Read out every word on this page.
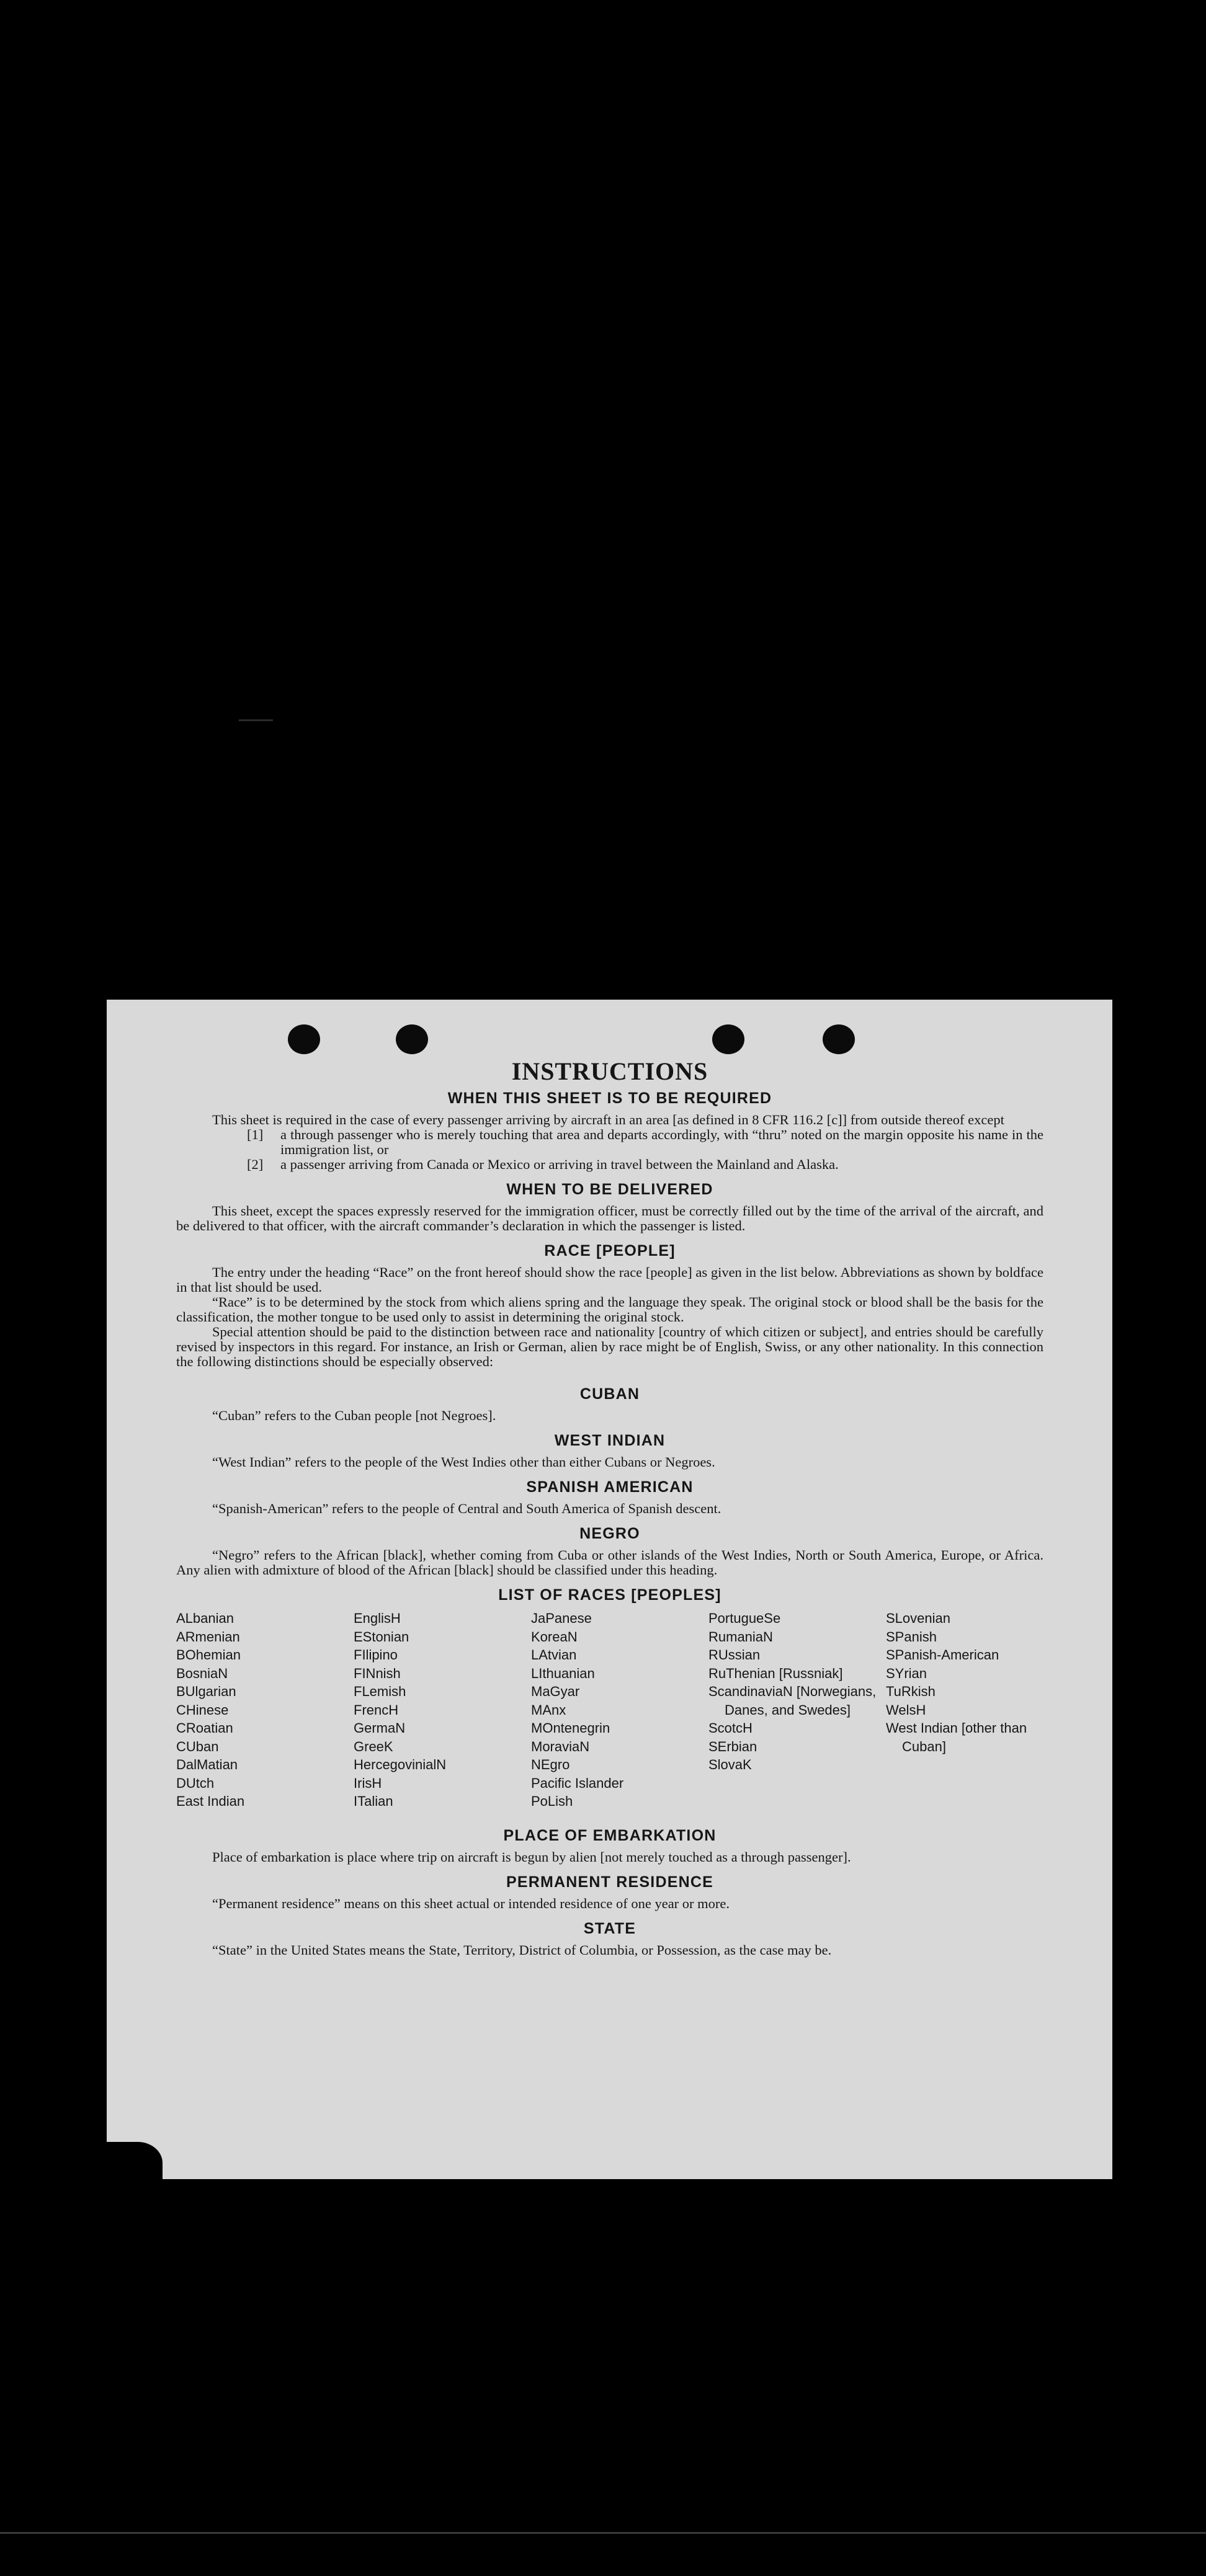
INSTRUCTIONS
WHEN THIS SHEET IS TO BE REQUIRED

This sheet is required in the case of every passenger arriving by aircraft in an area [as defined in 8 CFR 116.2 [c]] from outside thereof except

[1]	a through passenger who is merely touching that area and departs accordingly, with “thru” noted on the margin opposite his name in the immigration list, or
[2]	a passenger arriving from Canada or Mexico or arriving in travel between the Mainland and Alaska.
WHEN TO BE DELIVERED

This sheet, except the spaces expressly reserved for the immigration officer, must be correctly filled out by the time of the arrival of the aircraft, and be delivered to that officer, with the aircraft commander’s declaration in which the passenger is listed.

RACE [PEOPLE]

The entry under the heading “Race” on the front hereof should show the race [people] as given in the list below. Abbreviations as shown by boldface in that list should be used.

“Race” is to be determined by the stock from which aliens spring and the language they speak. The original stock or blood shall be the basis for the classification, the mother tongue to be used only to assist in determining the original stock.

Special attention should be paid to the distinction between race and nationality [country of which citizen or subject], and entries should be carefully revised by inspectors in this regard. For instance, an Irish or German, alien by race might be of English, Swiss, or any other nationality. In this connection the following distinctions should be especially observed:

CUBAN

“Cuban” refers to the Cuban people [not Negroes].

WEST INDIAN

“West Indian” refers to the people of the West Indies other than either Cubans or Negroes.

SPANISH AMERICAN

“Spanish-American” refers to the people of Central and South America of Spanish descent.

NEGRO

“Negro” refers to the African [black], whether coming from Cuba or other islands of the West Indies, North or South America, Europe, or Africa. Any alien with admixture of blood of the African [black] should be classified under this heading.

LIST OF RACES [PEOPLES]
ALbanian
ARmenian
BOhemian
BosniaN
BUlgarian
CHinese
CRoatian
CUban
DalMatian
DUtch
East Indian
EnglisH
EStonian
FIlipino
FINnish
FLemish
FrencH
GermaN
GreeK
HercegovinialN
IrisH
ITalian
JaPanese
KoreaN
LAtvian
LIthuanian
MaGyar
MAnx
MOntenegrin
MoraviaN
NEgro
Pacific Islander
PoLish
PortugueSe
RumaniaN
RUssian
RuThenian [Russniak]
ScandinaviaN [Norwegians, Danes, and Swedes]
ScotcH
SErbian
SlovaK
SLovenian
SPanish
SPanish-American
SYrian
TuRkish
WelsH
West Indian [other than Cuban]
PLACE OF EMBARKATION

Place of embarkation is place where trip on aircraft is begun by alien [not merely touched as a through passenger].

PERMANENT RESIDENCE

“Permanent residence” means on this sheet actual or intended residence of one year or more.

STATE

“State” in the United States means the State, Territory, District of Columbia, or Possession, as the case may be.
